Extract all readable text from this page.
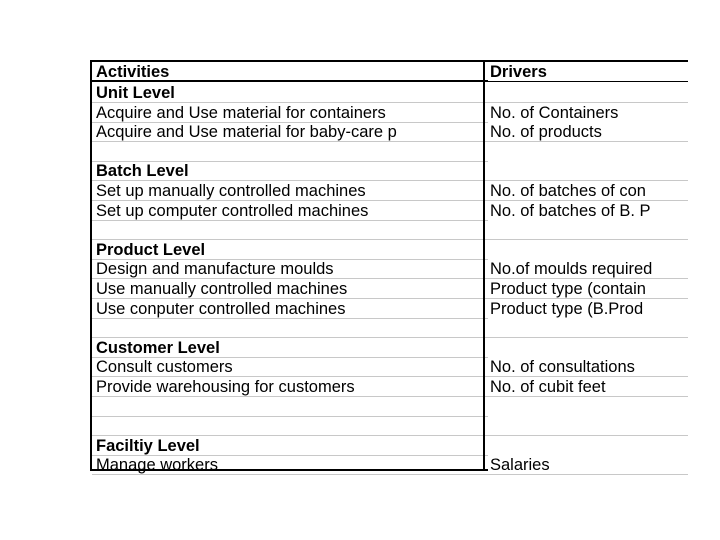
Activities	Drivers
Unit Level
Acquire and Use material for containers	No. of Containers
Acquire and Use material for baby-care p	No. of products
Batch Level
Set up manually controlled machines	No. of batches of con
Set up computer controlled machines	No. of batches of B. P
Product Level
Design and manufacture moulds	No.of moulds required
Use manually controlled machines	Product type (contain
Use conputer controlled machines	Product type (B.Prod
Customer Level
Consult customers	No. of consultations
Provide warehousing for customers	No. of cubit feet
Faciltiy Level
Manage workers	Salaries
